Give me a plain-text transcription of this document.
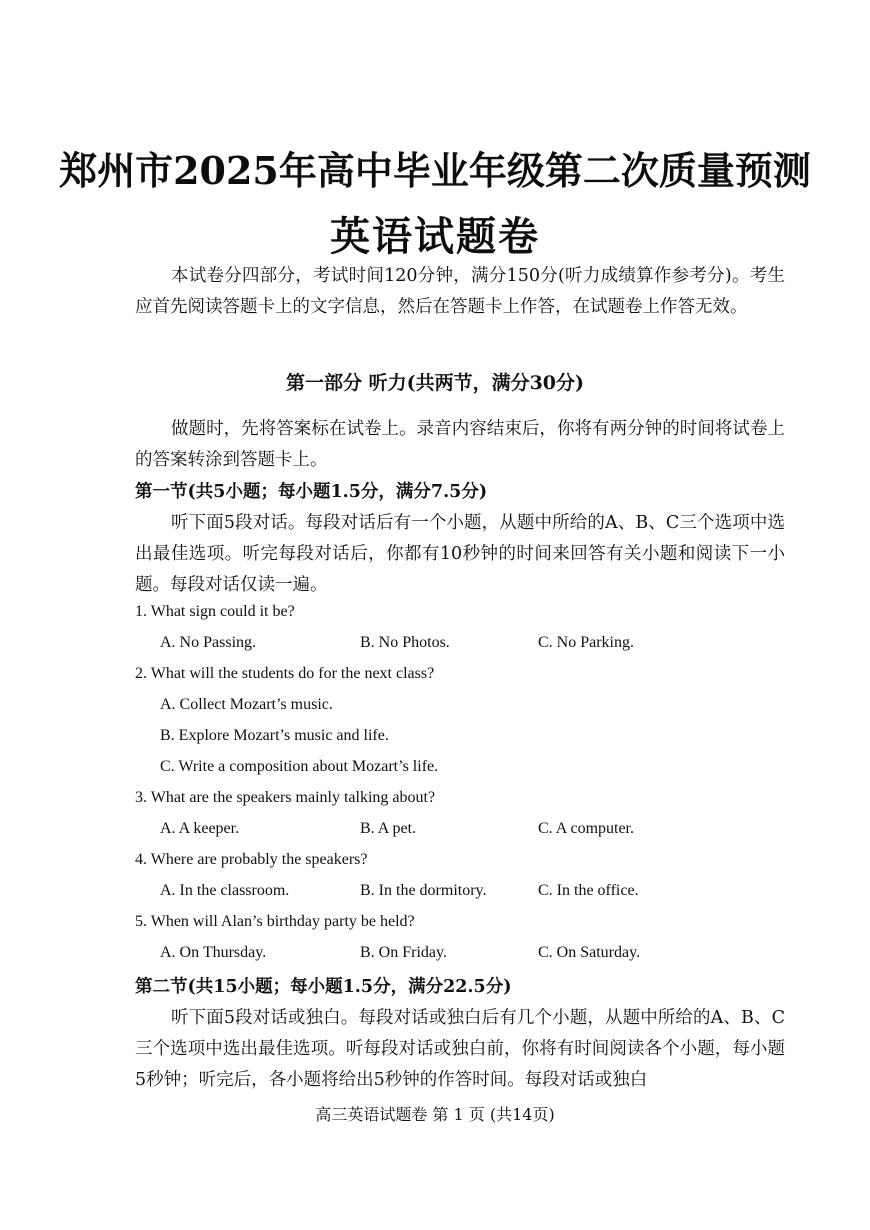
郑州市2025年高中毕业年级第二次质量预测
英语试题卷

本试卷分四部分，考试时间120分钟，满分150分(听力成绩算作参考分)。考生应首先阅读答题卡上的文字信息，然后在答题卡上作答，在试题卷上作答无效。

第一部分 听力(共两节，满分30分)

做题时，先将答案标在试卷上。录音内容结束后，你将有两分钟的时间将试卷上的答案转涂到答题卡上。

第一节(共5小题；每小题1.5分，满分7.5分)

听下面5段对话。每段对话后有一个小题，从题中所给的A、B、C三个选项中选出最佳选项。听完每段对话后，你都有10秒钟的时间来回答有关小题和阅读下一小题。每段对话仅读一遍。

1. What sign could it be?
A. No Passing.	B. No Photos.	C. No Parking.
2. What will the students do for the next class?
A. Collect Mozart’s music.
B. Explore Mozart’s music and life.
C. Write a composition about Mozart’s life.
3. What are the speakers mainly talking about?
A. A keeper.	B. A pet.	C. A computer.
4. Where are probably the speakers?
A. In the classroom.	B. In the dormitory.	C. In the office.
5. When will Alan’s birthday party be held?
A. On Thursday.	B. On Friday.	C. On Saturday.
第二节(共15小题；每小题1.5分，满分22.5分)

听下面5段对话或独白。每段对话或独白后有几个小题，从题中所给的A、B、C三个选项中选出最佳选项。听每段对话或独白前，你将有时间阅读各个小题，每小题5秒钟；听完后，各小题将给出5秒钟的作答时间。每段对话或独白

高三英语试题卷 第 1 页 (共14页)
